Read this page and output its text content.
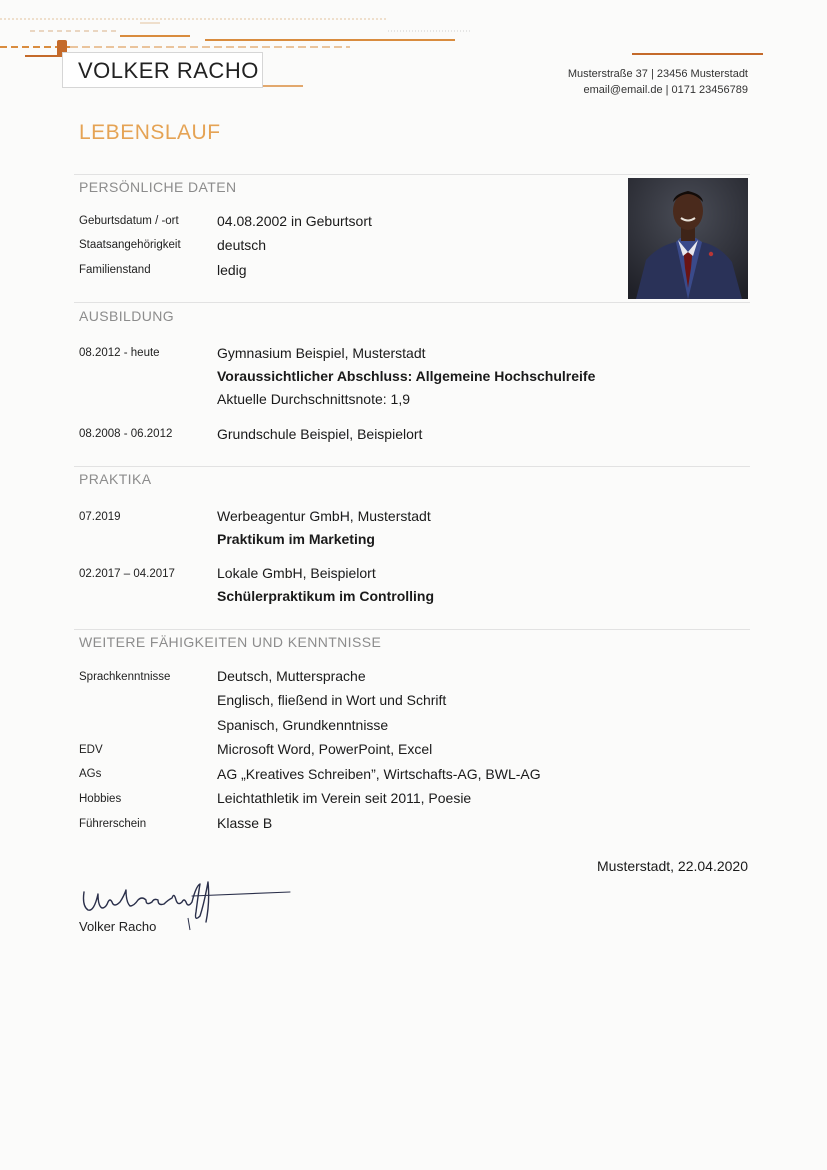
VOLKER RACHO	Musterstraße 37 | 23456 Musterstadt
email@email.de | 0171 23456789
LEBENSLAUF
PERSÖNLICHE DATEN
Geburtsdatum / -ort	04.08.2002 in Geburtsort
Staatsangehörigkeit	deutsch
Familienstand	ledig
AUSBILDUNG
08.2012 - heute	Gymnasium Beispiel, Musterstadt
Voraussichtlicher Abschluss: Allgemeine Hochschulreife
Aktuelle Durchschnittsnote: 1,9
08.2008 - 06.2012	Grundschule Beispiel, Beispielort
PRAKTIKA
07.2019	Werbeagentur GmbH, Musterstadt
Praktikum im Marketing
02.2017 – 04.2017	Lokale GmbH, Beispielort
Schülerpraktikum im Controlling
WEITERE FÄHIGKEITEN UND KENNTNISSE
Sprachkenntnisse	Deutsch, Muttersprache
Englisch, fließend in Wort und Schrift
Spanisch, Grundkenntnisse
EDV	Microsoft Word, PowerPoint, Excel
AGs	AG „Kreatives Schreiben”, Wirtschafts-AG, BWL-AG
Hobbies	Leichtathletik im Verein seit 2011, Poesie
Führerschein	Klasse B
Musterstadt, 22.04.2020
Volker Racho
